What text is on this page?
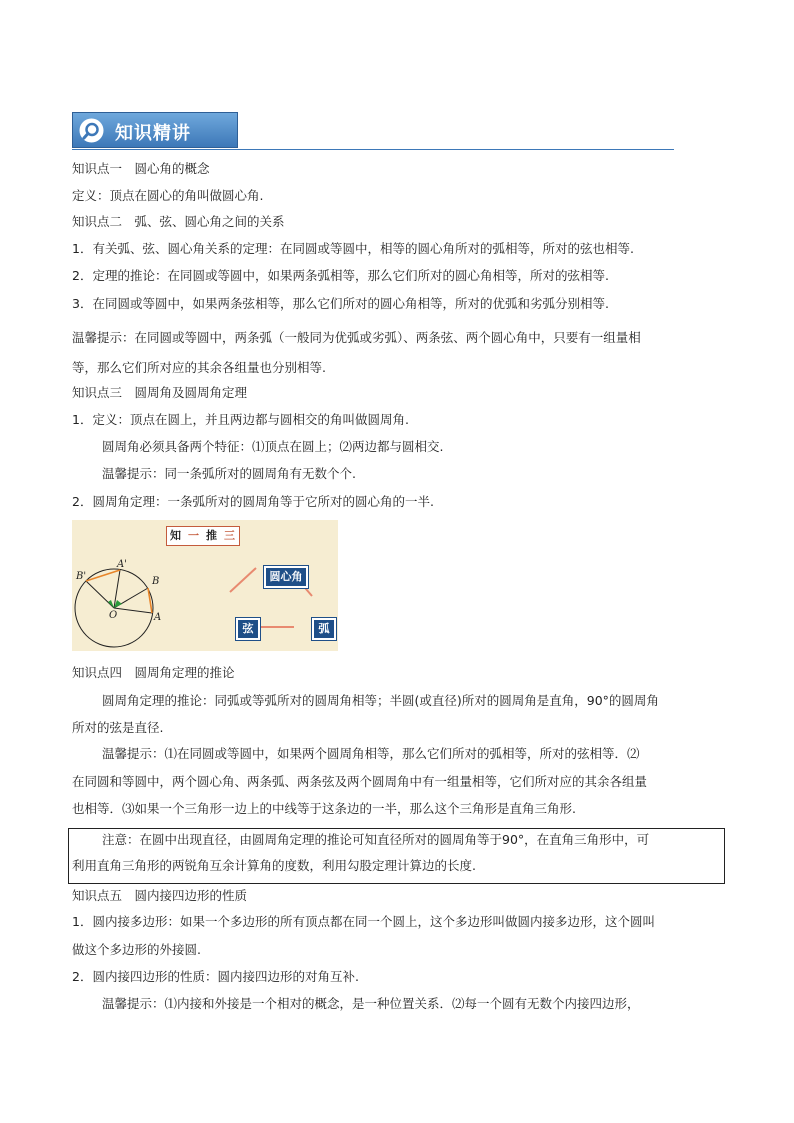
知识精讲
知识点一　圆心角的概念
定义：顶点在圆心的角叫做圆心角.
知识点二　弧、弦、圆心角之间的关系
1．有关弧、弦、圆心角关系的定理：在同圆或等圆中，相等的圆心角所对的弧相等，所对的弦也相等.
2．定理的推论：在同圆或等圆中，如果两条弧相等，那么它们所对的圆心角相等，所对的弦相等.
3．在同圆或等圆中，如果两条弦相等，那么它们所对的圆心角相等，所对的优弧和劣弧分别相等.
温馨提示：在同圆或等圆中，两条弧（一般同为优弧或劣弧）、两条弦、两个圆心角中，只要有一组量相
等，那么它们所对应的其余各组量也分别相等.
知识点三　圆周角及圆周角定理
1．定义：顶点在圆上，并且两边都与圆相交的角叫做圆周角.
圆周角必须具备两个特征：⑴顶点在圆上；⑵两边都与圆相交.
温馨提示：同一条弧所对的圆周角有无数个个.
2．圆周角定理：一条弧所对的圆周角等于它所对的圆心角的一半.
知 一 推 三
A'
B'	B
O	A
圆心角
弦	弧
知识点四　圆周角定理的推论
圆周角定理的推论：同弧或等弧所对的圆周角相等；半圆(或直径)所对的圆周角是直角，90°的圆周角
所对的弦是直径.
温馨提示：⑴在同圆或等圆中，如果两个圆周角相等，那么它们所对的弧相等，所对的弦相等．⑵
在同圆和等圆中，两个圆心角、两条弧、两条弦及两个圆周角中有一组量相等，它们所对应的其余各组量
也相等．⑶如果一个三角形一边上的中线等于这条边的一半，那么这个三角形是直角三角形.
注意：在圆中出现直径，由圆周角定理的推论可知直径所对的圆周角等于90°，在直角三角形中，可
利用直角三角形的两锐角互余计算角的度数，利用勾股定理计算边的长度.
知识点五　圆内接四边形的性质
1．圆内接多边形：如果一个多边形的所有顶点都在同一个圆上，这个多边形叫做圆内接多边形，这个圆叫
做这个多边形的外接圆.
2．圆内接四边形的性质：圆内接四边形的对角互补.
温馨提示：⑴内接和外接是一个相对的概念，是一种位置关系．⑵每一个圆有无数个内接四边形，
